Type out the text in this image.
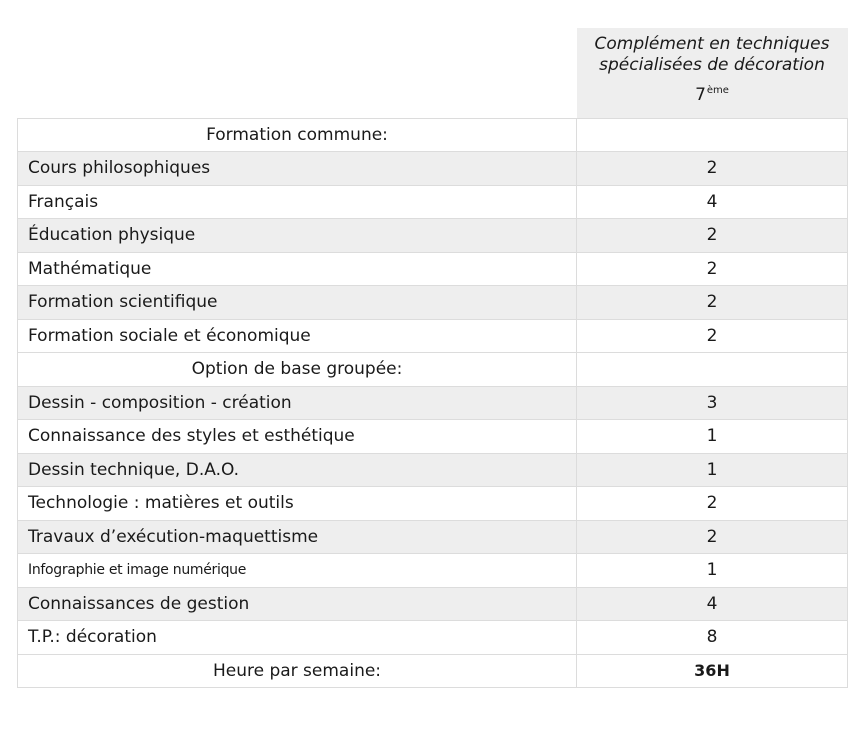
	Complément en techniques spécialisées de décoration
7ème

Formation commune:	
Cours philosophiques	2
Français	4
Éducation physique	2
Mathématique	2
Formation scientifique	2
Formation sociale et économique	2
Option de base groupée:	
Dessin - composition - création	3
Connaissance des styles et esthétique	1
Dessin technique, D.A.O.	1
Technologie : matières et outils	2
Travaux d’exécution-maquettisme	2
Infographie et image numérique	1
Connaissances de gestion	4
T.P.: décoration	8
Heure par semaine:	36H
